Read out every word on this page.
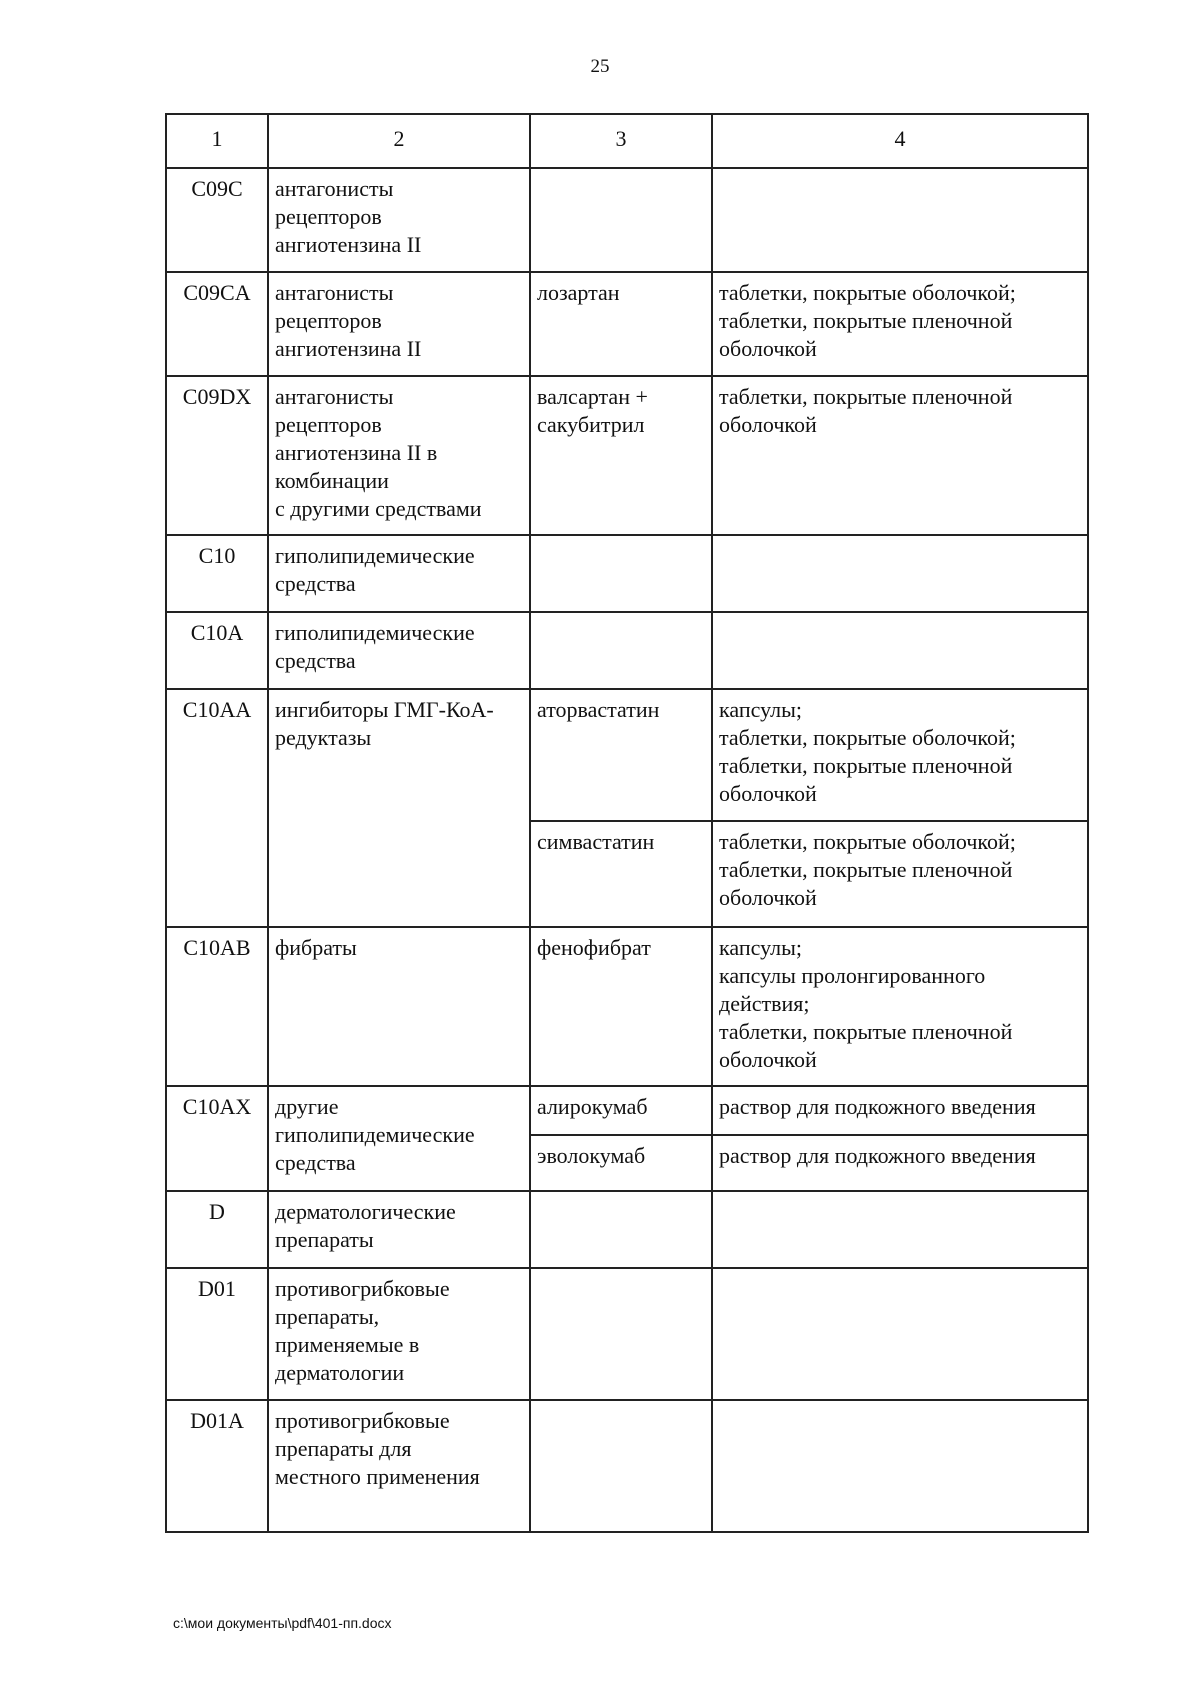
25
1	2	3	4
C09C	антагонисты
рецепторов
ангиотензина II		

C09CA	антагонисты
рецепторов
ангиотензина II	лозартан	таблетки, покрытые оболочкой;
таблетки, покрытые пленочной
оболочкой

C09DX	антагонисты
рецепторов
ангиотензина II в
комбинации
с другими средствами	валсартан +
сакубитрил	таблетки, покрытые пленочной
оболочкой

C10	гиполипидемические
средства		

C10A	гиполипидемические
средства		

C10AA	ингибиторы ГМГ-КоА-
редуктазы	аторвастатин	капсулы;
таблетки, покрытые оболочкой;
таблетки, покрытые пленочной
оболочкой

		симвастатин	таблетки, покрытые оболочкой;
таблетки, покрытые пленочной
оболочкой

C10AB	фибраты	фенофибрат	капсулы;
капсулы пролонгированного
действия;
таблетки, покрытые пленочной
оболочкой

C10AX	другие
гиполипидемические
средства	алирокумаб	раствор для подкожного введения

		эволокумаб	раствор для подкожного введения

D	дерматологические
препараты		

D01	противогрибковые
препараты,
применяемые в
дерматологии		

D01A	противогрибковые
препараты для
местного применения		

c:\мои документы\pdf\401-пп.docx
